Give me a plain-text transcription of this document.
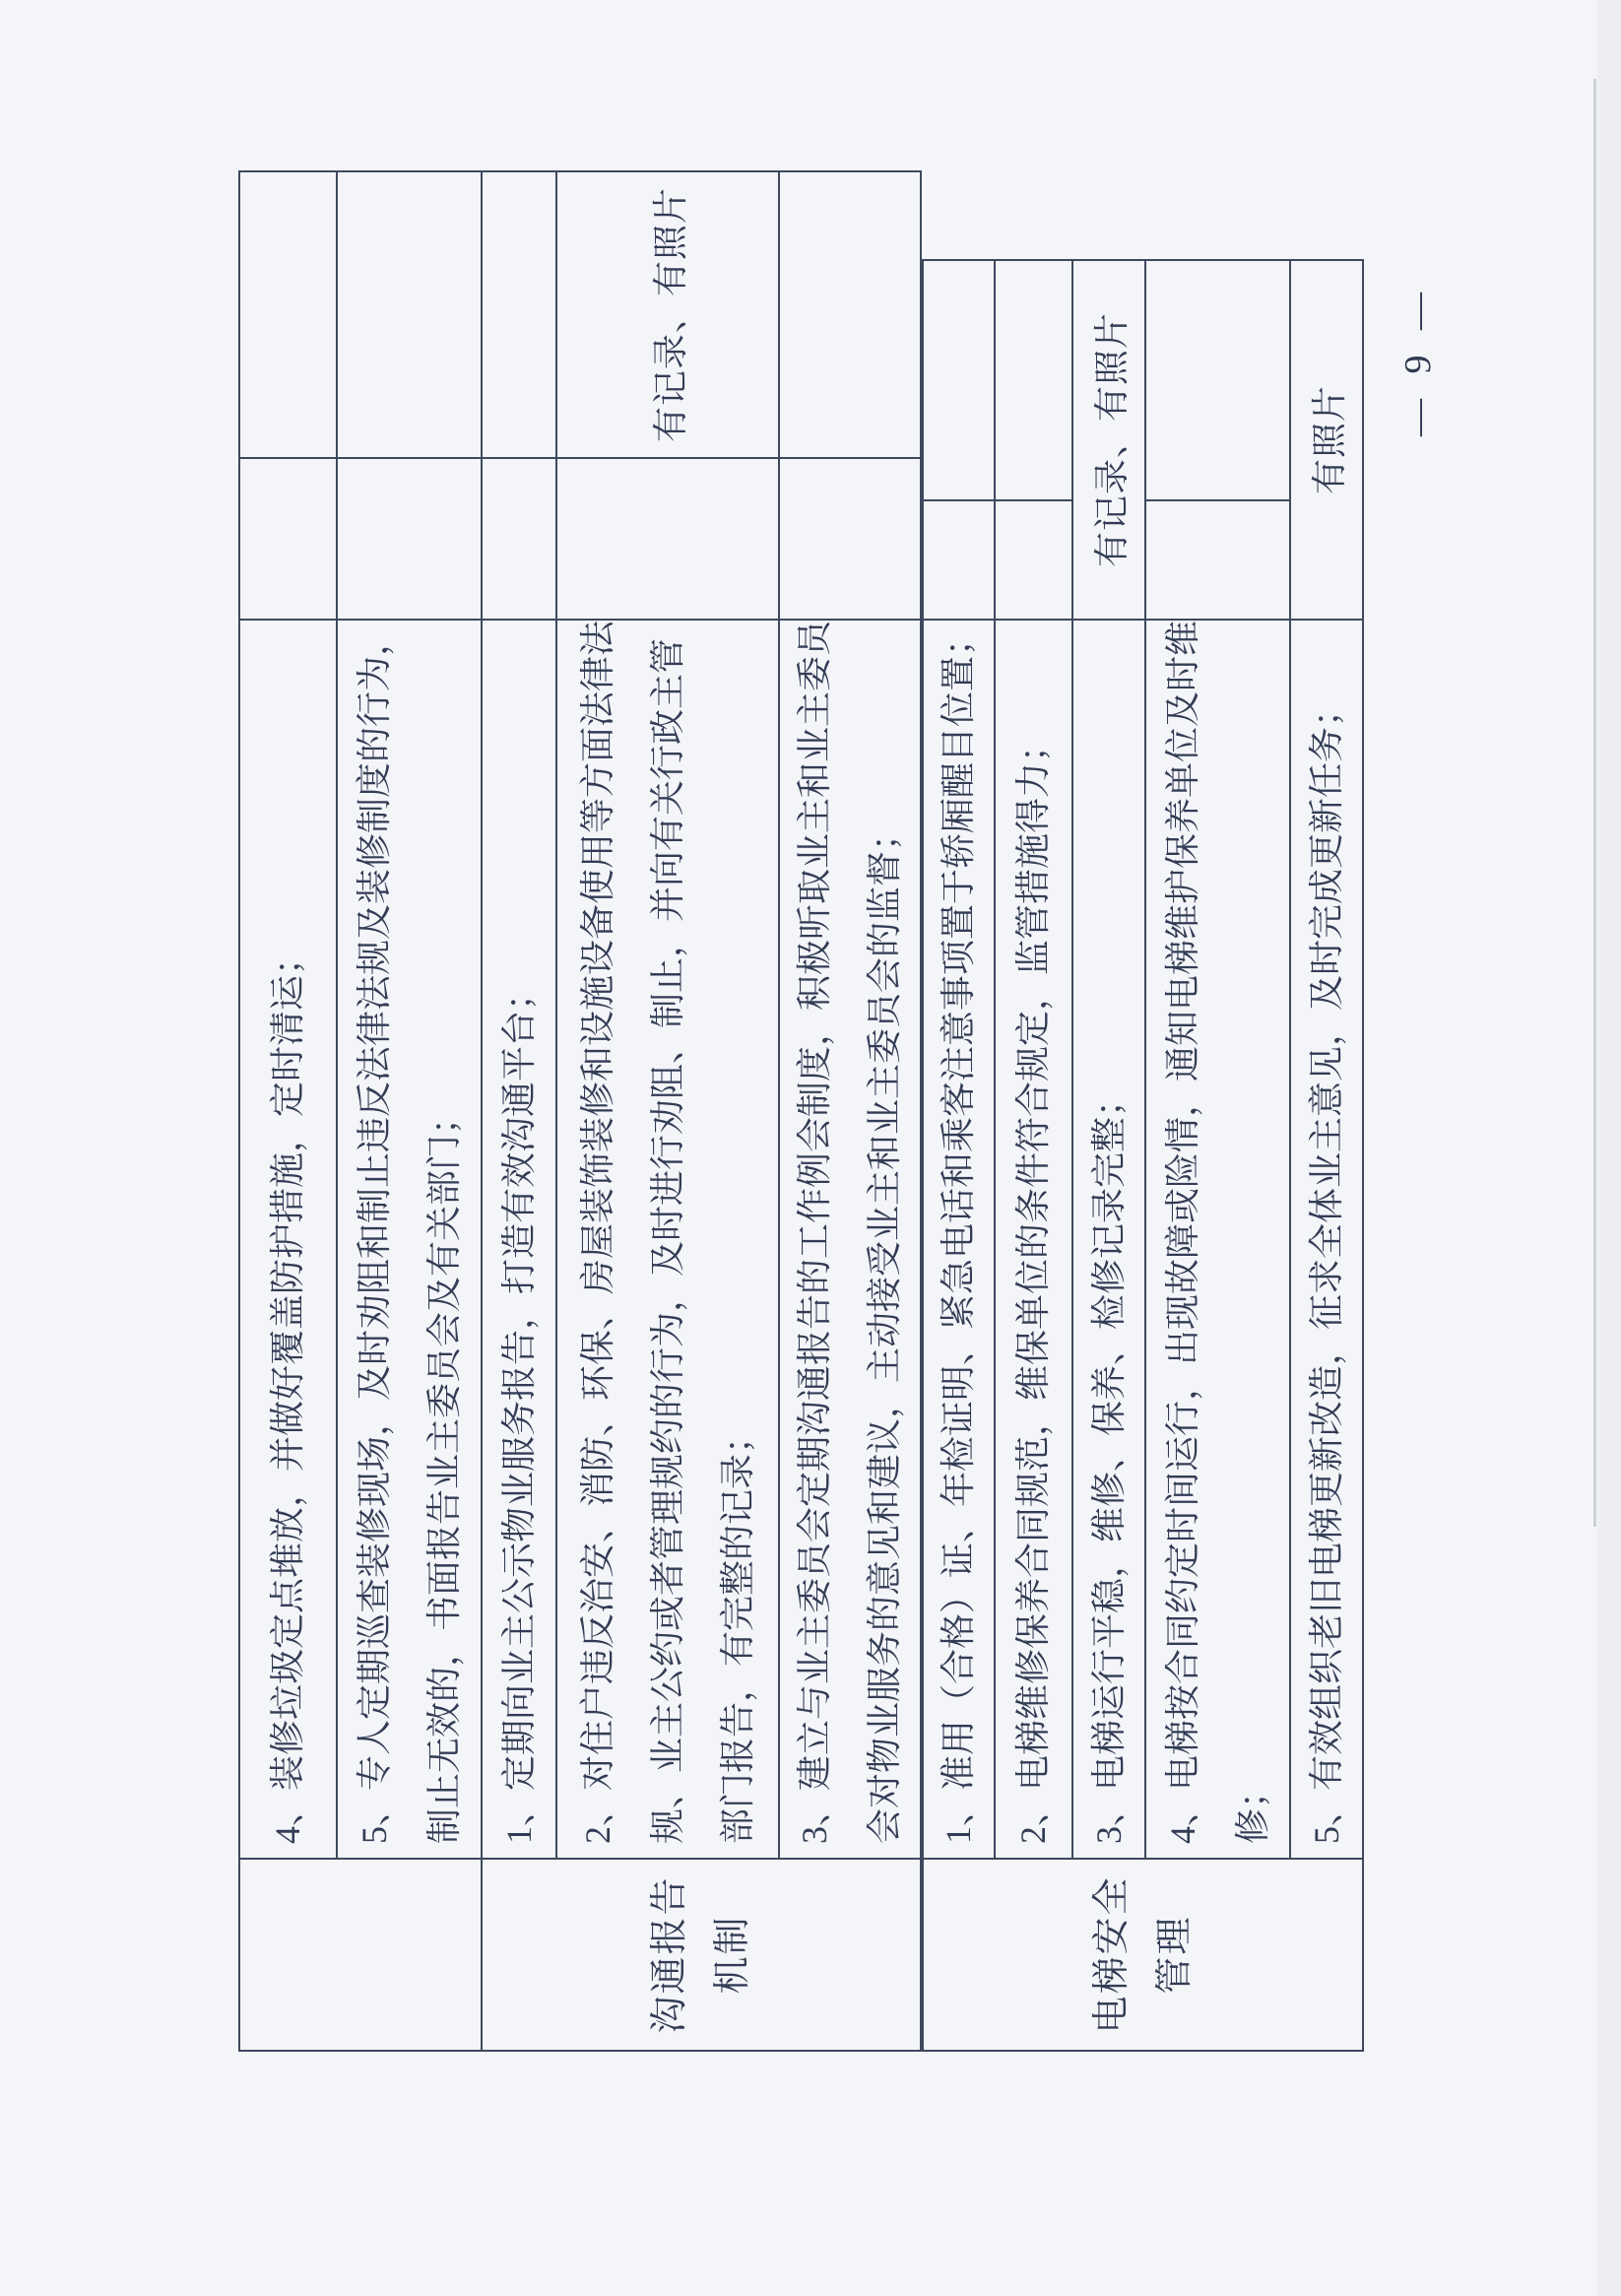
	4、装修垃圾定点堆放，并做好覆盖防护措施，定时清运；		

	5、专人定期巡查装修现场，及时劝阻和制止违反法律法规及装修制度的行为， 制止无效的，书面报告业主委员会及有关部门；		

沟通报告 机制	1、定期向业主公示物业服务报告，打造有效沟通平台；		

	2、对住户违反治安、消防、环保、房屋装饰装修和设施设备使用等方面法律法 规、业主公约或者管理规约的行为，及时进行劝阻、制止，并向有关行政主管 部门报告，有完整的记录；		有记录、有照片

	3、建立与业主委员会定期沟通报告的工作例会制度，积极听取业主和业主委员 会对物业服务的意见和建议，主动接受业主和业主委员会的监督；		

电梯安全 管理	1、准用（合格）证、年检证明、紧急电话和乘客注意事项置于轿厢醒目位置；		

	2、电梯维修保养合同规范，维保单位的条件符合规定，监管措施得力；		

	3、电梯运行平稳，维修、保养、检修记录完整；	有记录、有照片	

	4、电梯按合同约定时间运行，出现故障或险情，通知电梯维护保养单位及时维 修；		

	5、有效组织老旧电梯更新改造，征求全体业主意见，及时完成更新任务；	有照片	
— 9 —
